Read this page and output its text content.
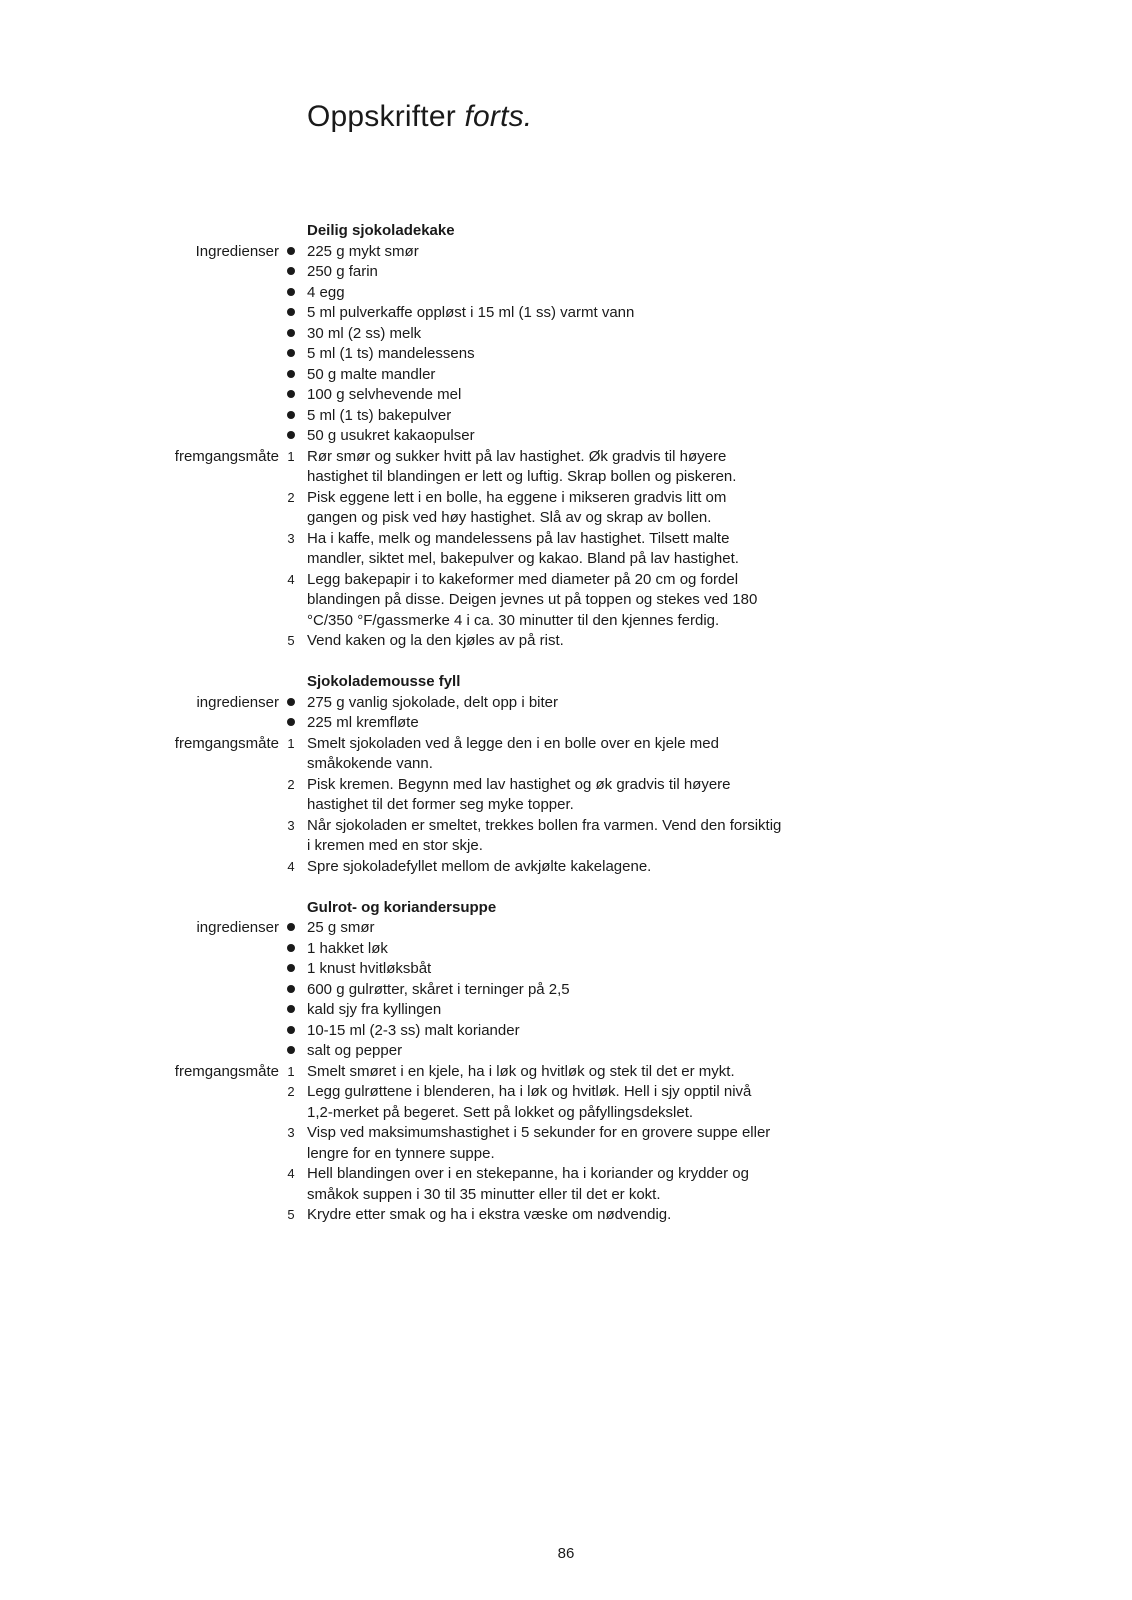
Oppskrifter forts.
Deilig sjokoladekake
Ingredienser 225 g mykt smør
250 g farin
4 egg
5 ml pulverkaffe oppløst i 15 ml (1 ss) varmt vann
30 ml (2 ss) melk
5 ml (1 ts) mandelessens
50 g malte mandler
100 g selvhevende mel
5 ml (1 ts) bakepulver
50 g usukret kakaopulser
fremgangsmåte 1 Rør smør og sukker hvitt på lav hastighet. Øk gradvis til høyere
hastighet til blandingen er lett og luftig. Skrap bollen og piskeren.
2 Pisk eggene lett i en bolle, ha eggene i mikseren gradvis litt om
gangen og pisk ved høy hastighet. Slå av og skrap av bollen.
3 Ha i kaffe, melk og mandelessens på lav hastighet. Tilsett malte
mandler, siktet mel, bakepulver og kakao. Bland på lav hastighet.
4 Legg bakepapir i to kakeformer med diameter på 20 cm og fordel
blandingen på disse. Deigen jevnes ut på toppen og stekes ved 180
°C/350 °F/gassmerke 4 i ca. 30 minutter til den kjennes ferdig.
5 Vend kaken og la den kjøles av på rist.
Sjokolademousse fyll
ingredienser 275 g vanlig sjokolade, delt opp i biter
225 ml kremfløte
fremgangsmåte 1 Smelt sjokoladen ved å legge den i en bolle over en kjele med
småkokende vann.
2 Pisk kremen. Begynn med lav hastighet og øk gradvis til høyere
hastighet til det former seg myke topper.
3 Når sjokoladen er smeltet, trekkes bollen fra varmen. Vend den forsiktig
i kremen med en stor skje.
4 Spre sjokoladefyllet mellom de avkjølte kakelagene.
Gulrot- og koriandersuppe
ingredienser 25 g smør
1 hakket løk
1 knust hvitløksbåt
600 g gulrøtter, skåret i terninger på 2,5
kald sjy fra kyllingen
10-15 ml (2-3 ss) malt koriander
salt og pepper
fremgangsmåte 1 Smelt smøret i en kjele, ha i løk og hvitløk og stek til det er mykt.
2 Legg gulrøttene i blenderen, ha i løk og hvitløk. Hell i sjy opptil nivå
1,2-merket på begeret. Sett på lokket og påfyllingsdekslet.
3 Visp ved maksimumshastighet i 5 sekunder for en grovere suppe eller
lengre for en tynnere suppe.
4 Hell blandingen over i en stekepanne, ha i koriander og krydder og
småkok suppen i 30 til 35 minutter eller til det er kokt.
5 Krydre etter smak og ha i ekstra væske om nødvendig.
86
